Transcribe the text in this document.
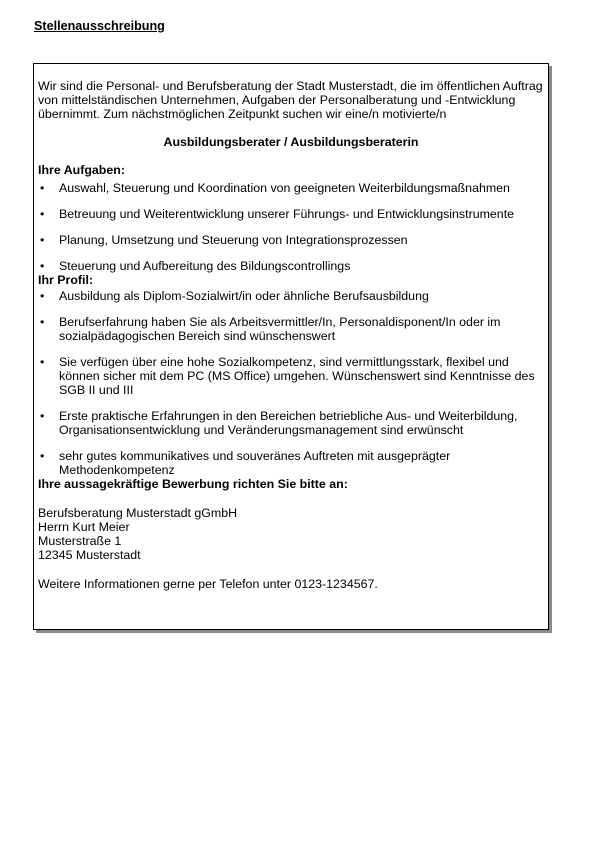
Stellenausschreibung

Wir sind die Personal- und Berufsberatung der Stadt Musterstadt, die im öffentlichen Auftrag von mittelständischen Unternehmen, Aufgaben der Personalberatung und -Entwicklung übernimmt. Zum nächstmöglichen Zeitpunkt suchen wir eine/n motivierte/n

Ausbildungsberater / Ausbildungsberaterin
Ihre Aufgaben:
• Auswahl, Steuerung und Koordination von geeigneten Weiterbildungsmaßnahmen
• Betreuung und Weiterentwicklung unserer Führungs- und Entwicklungsinstrumente
• Planung, Umsetzung und Steuerung von Integrationsprozessen
• Steuerung und Aufbereitung des Bildungscontrollings
Ihr Profil:
• Ausbildung als Diplom-Sozialwirt/in oder ähnliche Berufsausbildung
• Berufserfahrung haben Sie als Arbeitsvermittler/In, Personaldisponent/In oder im sozialpädagogischen Bereich sind wünschenswert
• Sie verfügen über eine hohe Sozialkompetenz, sind vermittlungsstark, flexibel und können sicher mit dem PC (MS Office) umgehen. Wünschenswert sind Kenntnisse des SGB II und III
• Erste praktische Erfahrungen in den Bereichen betriebliche Aus- und Weiterbildung, Organisationsentwicklung und Veränderungsmanagement sind erwünscht
• sehr gutes kommunikatives und souveränes Auftreten mit ausgeprägter Methodenkompetenz
Ihre aussagekräftige Bewerbung richten Sie bitte an:
Berufsberatung Musterstadt gGmbH
Herrn Kurt Meier
Musterstraße 1
12345 Musterstadt
Weitere Informationen gerne per Telefon unter 0123-1234567.
